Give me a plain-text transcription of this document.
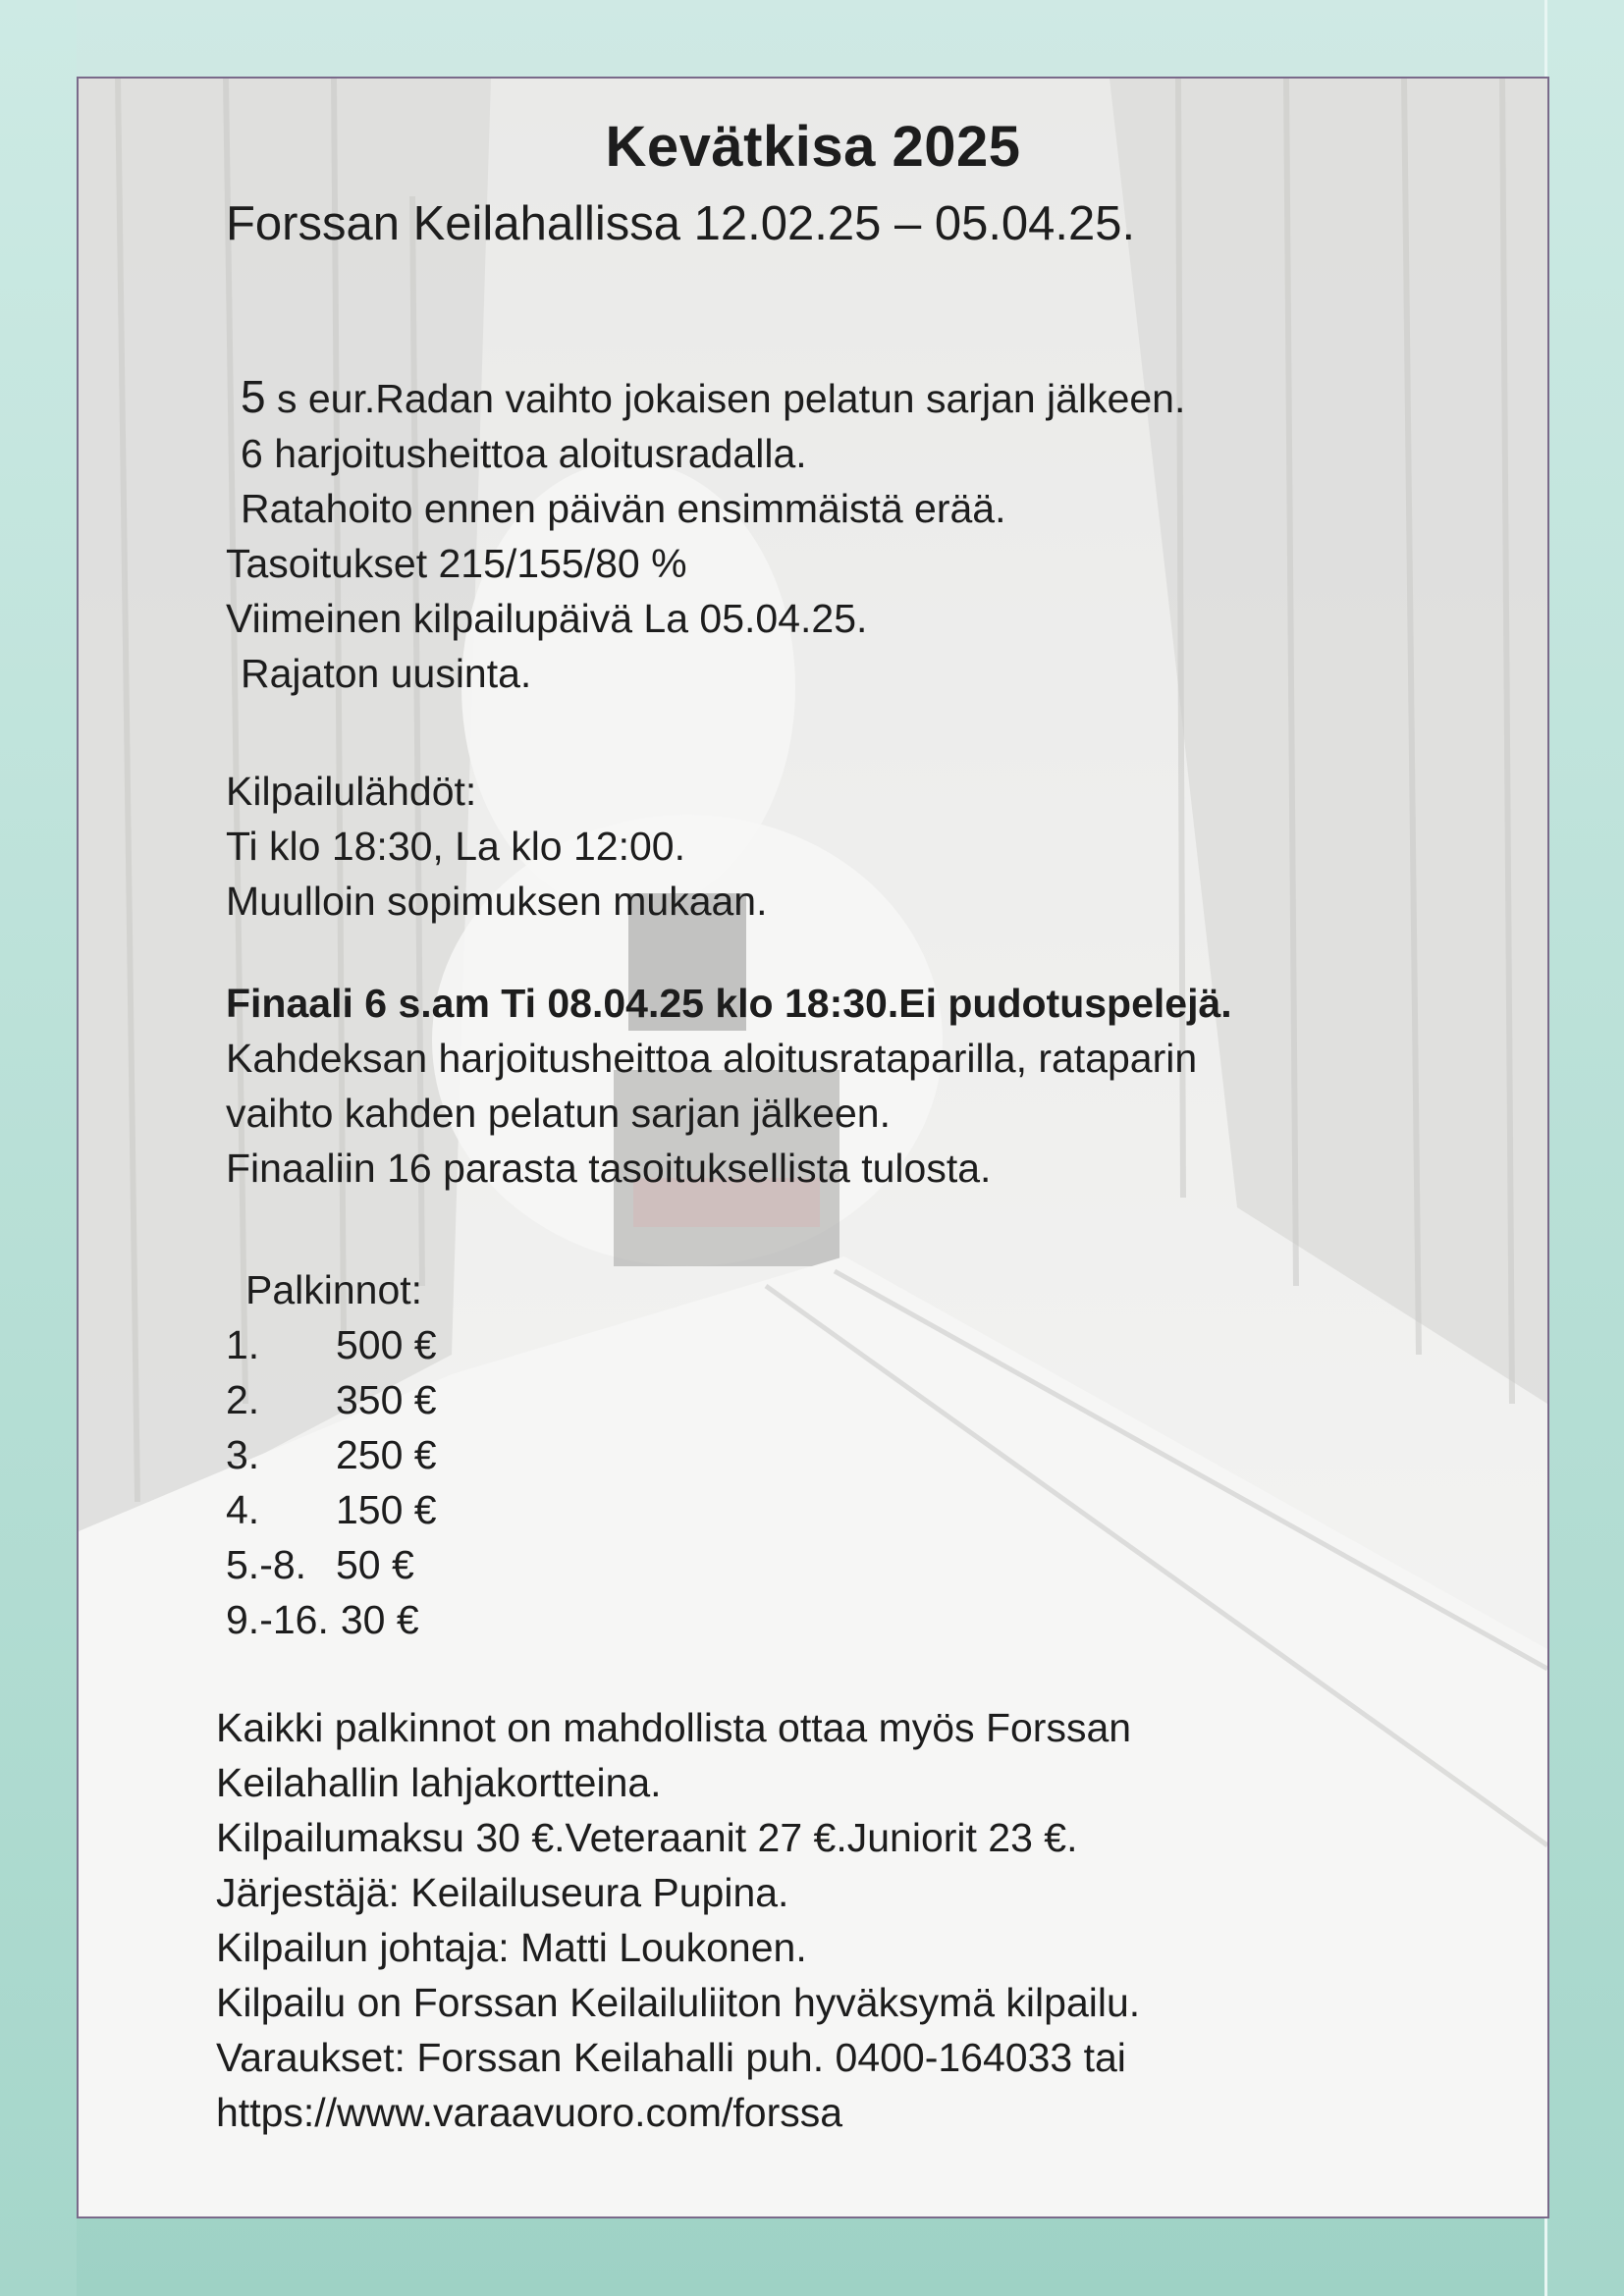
Kevätkisa 2025
Forssan Keilahallissa 12.02.25 – 05.04.25.
5 s eur.Radan vaihto jokaisen pelatun sarjan jälkeen.
6 harjoitusheittoa aloitusradalla.
Ratahoito ennen päivän ensimmäistä erää.
Tasoitukset 215/155/80 %
Viimeinen kilpailupäivä La 05.04.25.
Rajaton uusinta.
Kilpailulähdöt:
Ti klo 18:30, La klo 12:00.
Muulloin sopimuksen mukaan.
Finaali 6 s.am Ti 08.04.25 klo 18:30.Ei pudotuspelejä.
Kahdeksan harjoitusheittoa aloitusrataparilla, rataparin
vaihto kahden pelatun sarjan jälkeen.
Finaaliin 16 parasta tasoituksellista tulosta.
Palkinnot:
1.	500 €
2.	350 €
3.	250 €
4.	150 €
5.-8. 50 €
9.-16. 30 €
Kaikki palkinnot on mahdollista ottaa myös Forssan
Keilahallin lahjakortteina.
Kilpailumaksu 30 €.Veteraanit 27 €.Juniorit 23 €.
Järjestäjä: Keilailuseura Pupina.
Kilpailun johtaja: Matti Loukonen.
Kilpailu on Forssan Keilailuliiton hyväksymä kilpailu.
Varaukset: Forssan Keilahalli puh. 0400-164033 tai
https://www.varaavuoro.com/forssa
